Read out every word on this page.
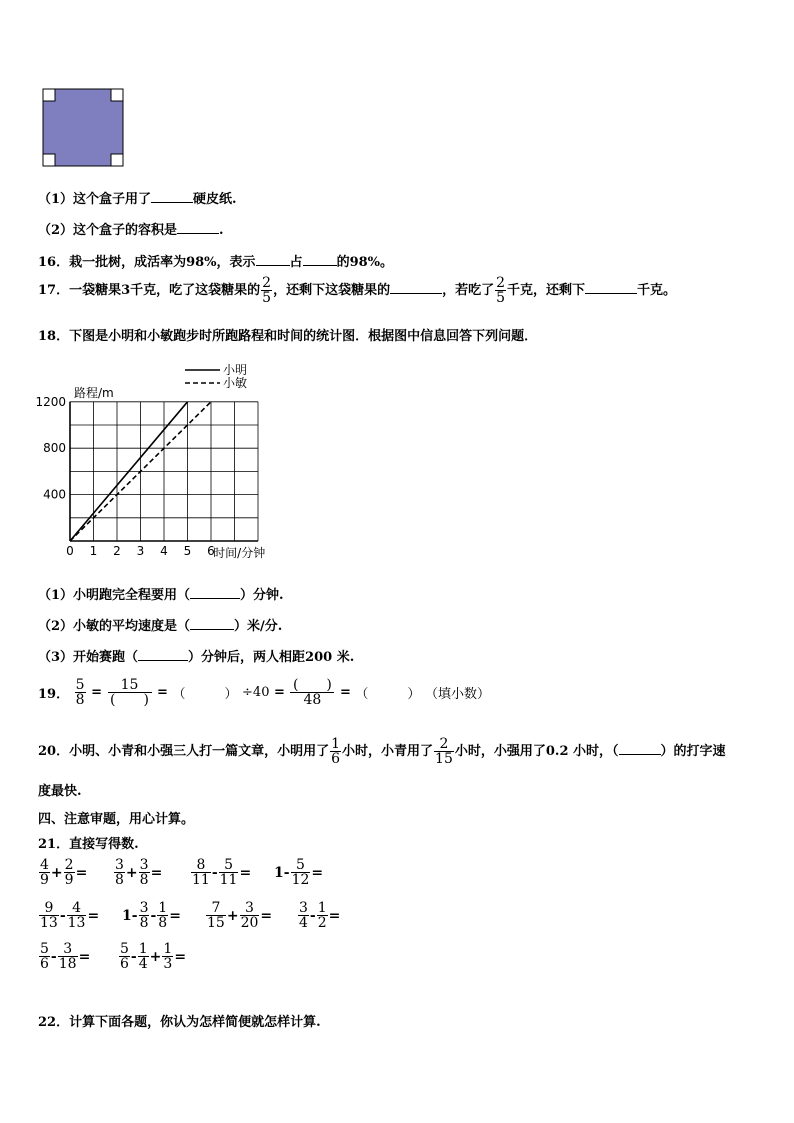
（1）这个盒子用了	硬皮纸.
（2）这个盒子的容积是	.
16．栽一批树，成活率为98%，表示	占	的98%。
17．一袋糖果3千克，吃了这袋糖果的 $\frac{2}{5}$ ，还剩下这袋糖果的	，若吃了 $\frac{2}{5}$ 千克，还剩下	千克。
18．下图是小明和小敏跑步时所跑路程和时间的统计图．根据图中信息回答下列问题．
0 1 2 3 4 5 6
400
800
1200
时间/分钟
路程/m
小明
小敏
（1）小明跑完全程要用（	）分钟.
（2）小敏的平均速度是（	）米/分.
（3）开始赛跑（	）分钟后，两人相距200 米.
19． $\frac{5}{8} = \frac{15}{( )}$ = （　　　） $\div 40 = \frac{( )}{48}$ = （　　　） （填小数）
20．小明、小青和小强三人打一篇文章，小明用了 $\frac{1}{6}$ 小时，小青用了 $\frac{2}{15}$ 小时，小强用了0.2 小时，（	）的打字速
度最快.
四、注意审题，用心计算。
21．直接写得数.
$\frac{4}{9} + \frac{2}{9} = \frac{3}{8} + \frac{3}{8} = \frac{8}{11} - \frac{5}{11} = 1- \frac{5}{12}$ =
$\frac{9}{13} - \frac{4}{13} = 1- \frac{3}{8} - \frac{1}{8} = \frac{7}{15} + \frac{3}{20} = \frac{3}{4} - \frac{1}{2}$ =
$\frac{5}{6} - \frac{3}{18} = \frac{5}{6} - \frac{1}{4} + \frac{1}{3}$ =
22．计算下面各题，你认为怎样简便就怎样计算.
